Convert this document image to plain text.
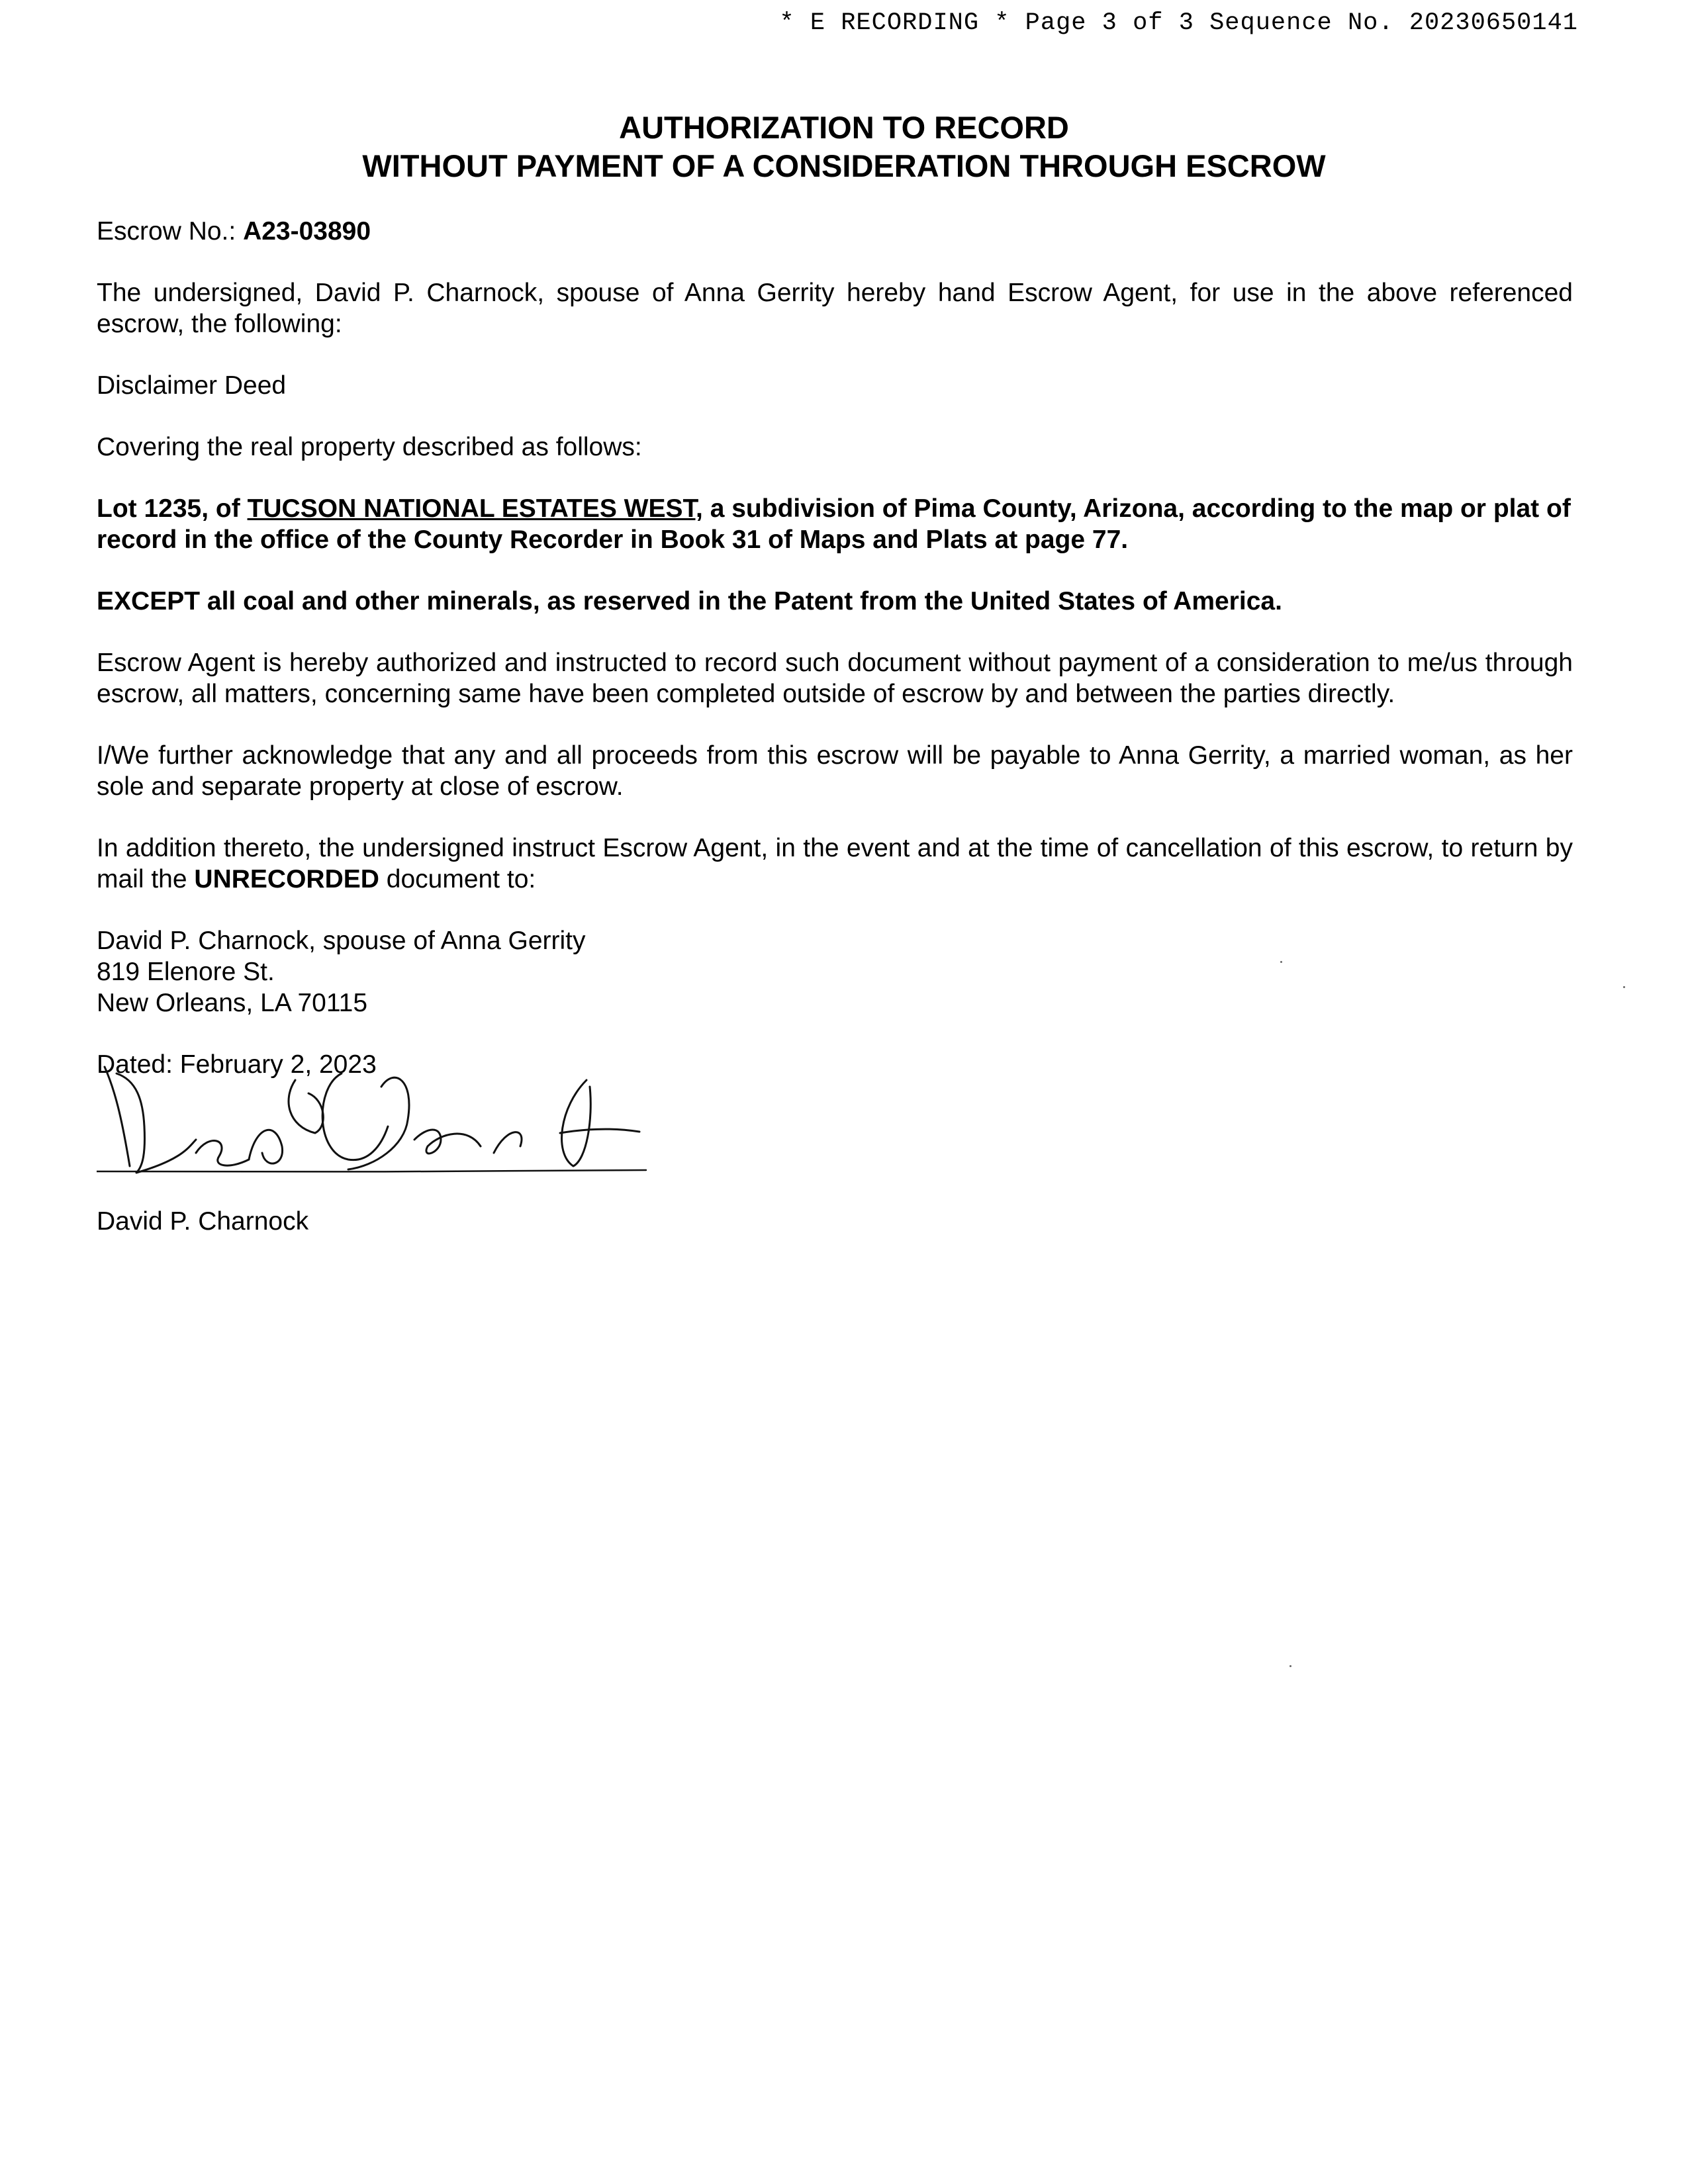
* E RECORDING * Page 3 of 3 Sequence No. 20230650141
AUTHORIZATION TO RECORD
WITHOUT PAYMENT OF A CONSIDERATION THROUGH ESCROW

Escrow No.: A23-03890

The undersigned, David P. Charnock, spouse of Anna Gerrity hereby hand Escrow Agent, for use in the above referenced escrow, the following:

Disclaimer Deed

Covering the real property described as follows:

Lot 1235, of TUCSON NATIONAL ESTATES WEST, a subdivision of Pima County, Arizona, according to the map or plat of record in the office of the County Recorder in Book 31 of Maps and Plats at page 77.

EXCEPT all coal and other minerals, as reserved in the Patent from the United States of America.

Escrow Agent is hereby authorized and instructed to record such document without payment of a consideration to me/us through escrow, all matters, concerning same have been completed outside of escrow by and between the parties directly.

I/We further acknowledge that any and all proceeds from this escrow will be payable to Anna Gerrity, a married woman, as her sole and separate property at close of escrow.

In addition thereto, the undersigned instruct Escrow Agent, in the event and at the time of cancellation of this escrow, to return by mail the UNRECORDED document to:

David P. Charnock, spouse of Anna Gerrity

819 Elenore St.

New Orleans, LA 70115

Dated: February 2, 2023

David P. Charnock
